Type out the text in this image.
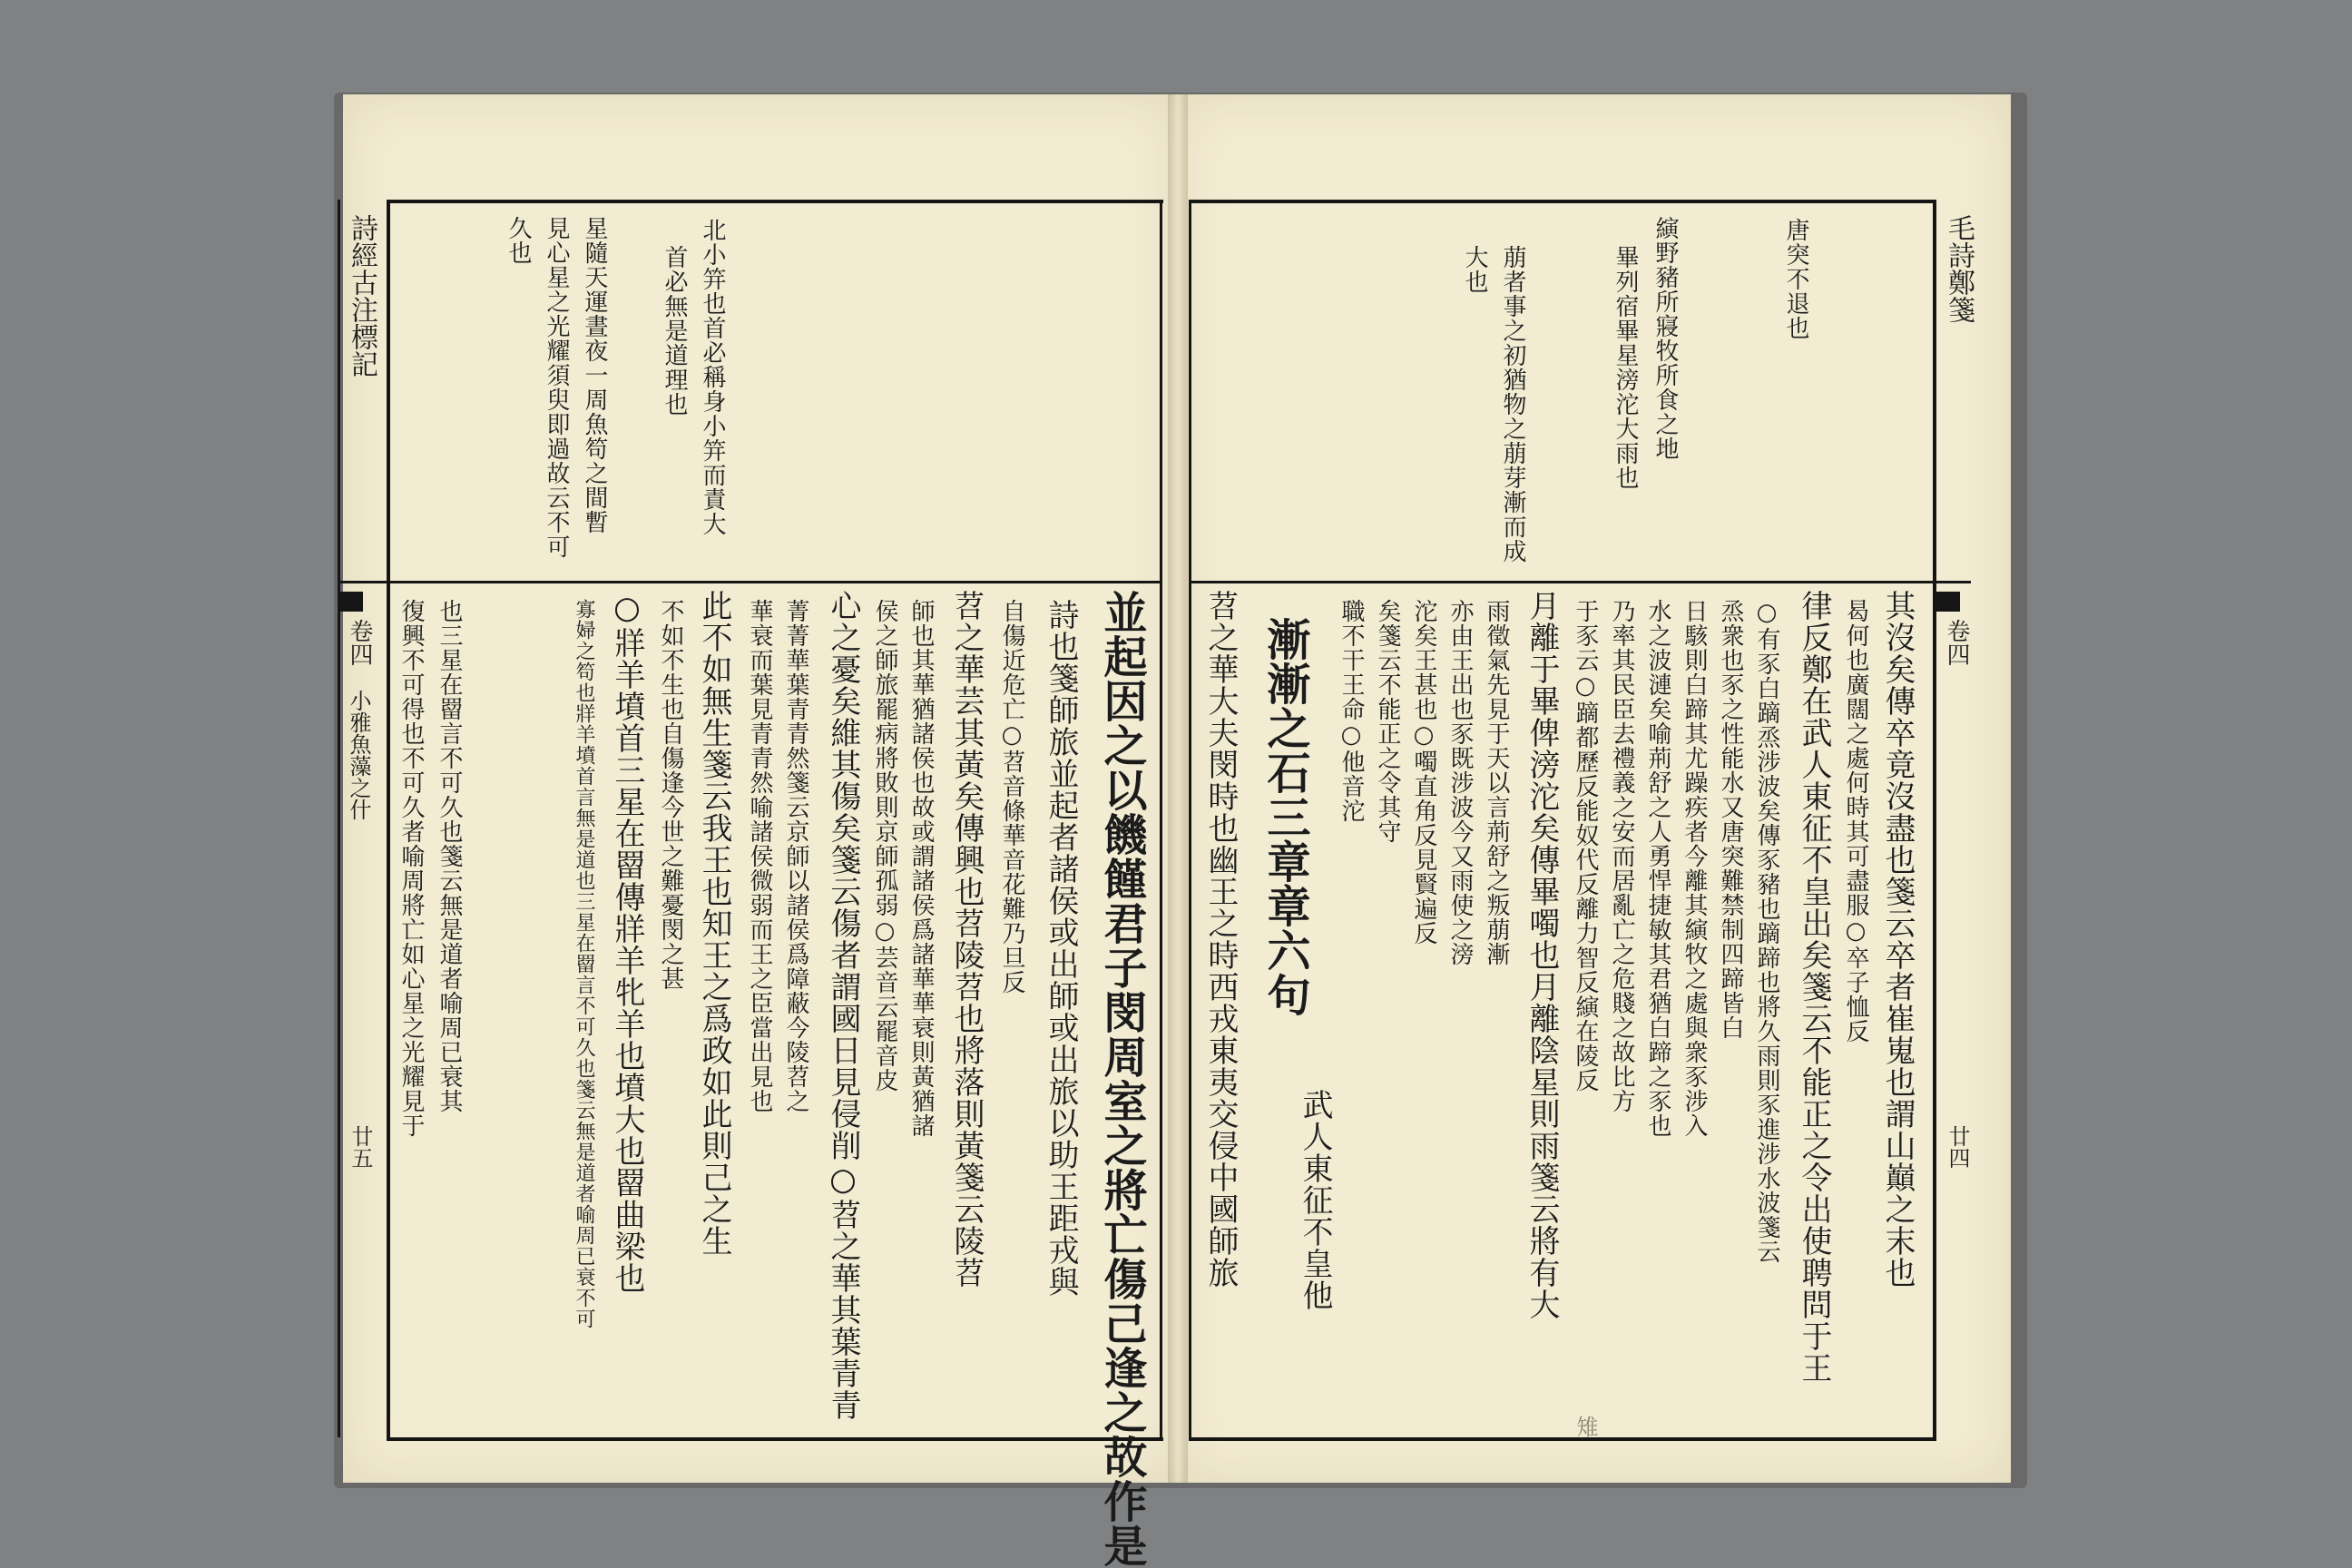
詩經古注標記
卷四
小雅魚藻之什
廿五
北小笄也首必稱身小笄而責大
首必無是道理也
星隨天運晝夜一周魚笱之間暫
見心星之光耀須臾即過故云不可
久也
並起因之以饑饉君子閔周室之將亡傷己逢之故作是
詩也箋師旅並起者諸侯或出師或出旅以助王距戎與
自傷近危亡○苕音條華音花難乃旦反
苕之華芸其黃矣傳興也苕陵苕也將落則黃箋云陵苕
師也其華猶諸侯也故或謂諸侯爲諸華華衰則黃猶諸
侯之師旅罷病將敗則京師孤弱○芸音云罷音皮
心之憂矣維其傷矣箋云傷者謂國日見侵削○苕之華其葉青青
菁菁華葉青青然箋云京師以諸侯爲障蔽今陵苕之
華衰而葉見青青然喻諸侯微弱而王之臣當出見也
此不如無生箋云我王也知王之爲政如此則己之生
不如不生也自傷逢今世之難憂閔之甚
○牂羊墳首三星在罶傳牂羊牝羊也墳大也罶曲梁也
寡婦之笱也牂羊墳首言無是道也三星在罶言不可久也箋云無是道者喻周已衰不可
也三星在罶言不可久也箋云無是道者喻周已衰其
復興不可得也不可久者喻周將亡如心星之光耀見于
毛詩鄭箋
卷四
廿四
唐突不退也
縯野豬所寢牧所食之地
畢列宿畢星滂沱大雨也
萠者事之初猶物之萠芽漸而成
大也
其沒矣傳卒竟沒盡也箋云卒者崔嵬也謂山巔之末也
曷何也廣闊之處何時其可盡服○卒子恤反
律反鄭在武人東征不皇出矣箋云不能正之令出使聘問于王
○有豕白蹢烝涉波矣傳豕豬也蹢蹄也將久雨則豕進涉水波箋云
烝衆也豕之性能水又唐突難禁制四蹄皆白
日駭則白蹄其尤躁疾者今離其縯牧之處與衆豕涉入
水之波漣矣喻荊舒之人勇悍捷敏其君猶白蹄之豕也
乃率其民臣去禮義之安而居亂亡之危賤之故比方
于豕云○蹢都歷反能奴代反離力智反縯在陵反
月離于畢俾滂沱矣傳畢噣也月離陰星則雨箋云將有大
雨徵氣先見于天以言荊舒之叛萠漸
亦由王出也豕既涉波今又雨使之滂
沱矣王甚也○噣直角反見賢遍反
矣箋云不能正之令其守
職不干王命○他音沱
武人東征不皇他
漸漸之石三章章六句
苕之華大夫閔時也幽王之時西戎東夷交侵中國師旅
雉
